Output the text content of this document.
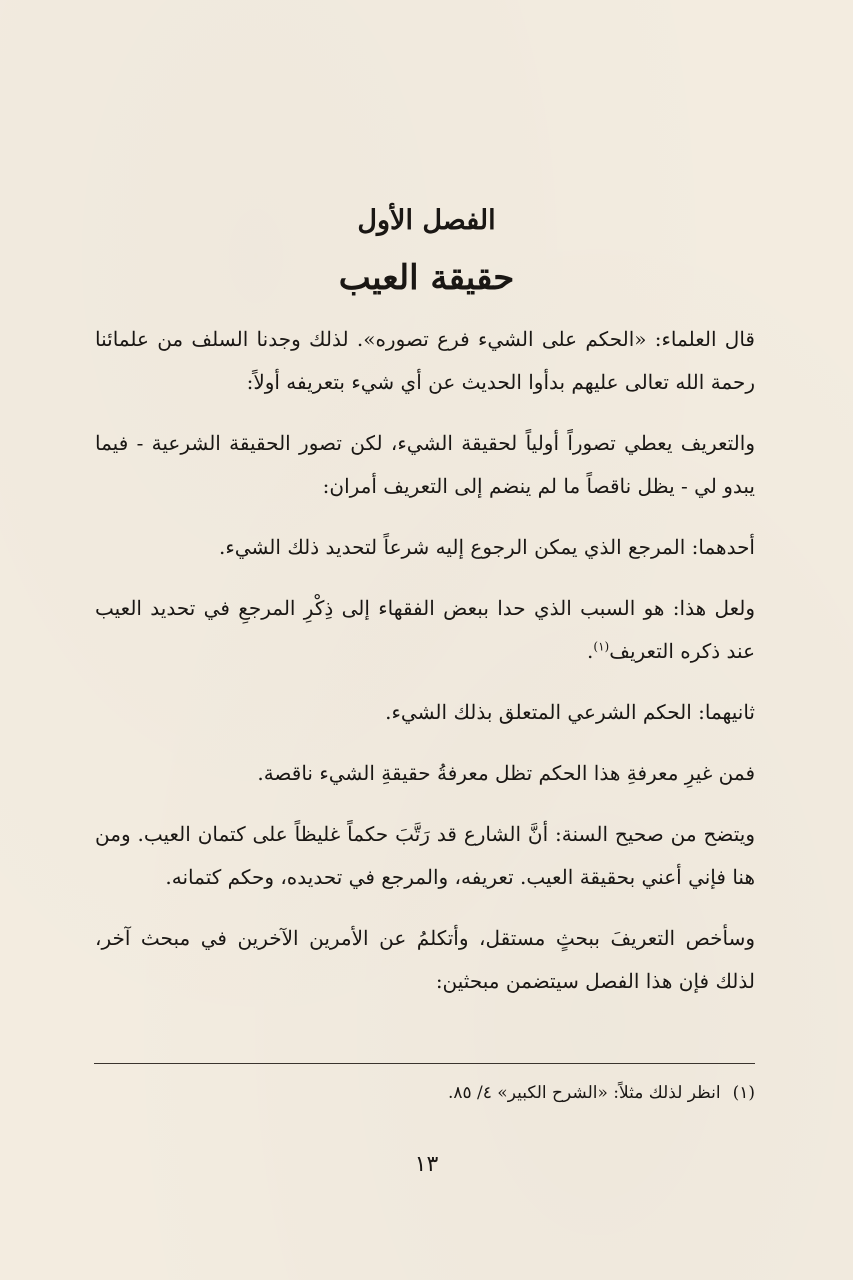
الفصل الأول
حقيقة العيب

قال العلماء: «الحكم على الشيء فرع تصوره». لذلك وجدنا السلف من علمائنا رحمة الله تعالى عليهم بدأوا الحديث عن أي شيء بتعريفه أولاً:

والتعريف يعطي تصوراً أولياً لحقيقة الشيء، لكن تصور الحقيقة الشرعية - فيما يبدو لي - يظل ناقصاً ما لم ينضم إلى التعريف أمران:

أحدهما: المرجع الذي يمكن الرجوع إليه شرعاً لتحديد ذلك الشيء.

ولعل هذا: هو السبب الذي حدا ببعض الفقهاء إلى ذِكْرِ المرجعِ في تحديد العيب عند ذكره التعريف$^{(١)}$.

ثانيهما: الحكم الشرعي المتعلق بذلك الشيء.

فمن غيرِ معرفةِ هذا الحكم تظل معرفةُ حقيقةِ الشيء ناقصة.

ويتضح من صحيح السنة: أنَّ الشارع قد رَتَّبَ حكماً غليظاً على كتمان العيب. ومن هنا فإني أعني بحقيقة العيب. تعريفه، والمرجع في تحديده، وحكم كتمانه.

وسأخص التعريفَ ببحثٍ مستقل، وأتكلمُ عن الأمرين الآخرين في مبحث آخر، لذلك فإن هذا الفصل سيتضمن مبحثين:

(١)انظر لذلك مثلاً: «الشرح الكبير» ٤/ ٨٥.

١٣
